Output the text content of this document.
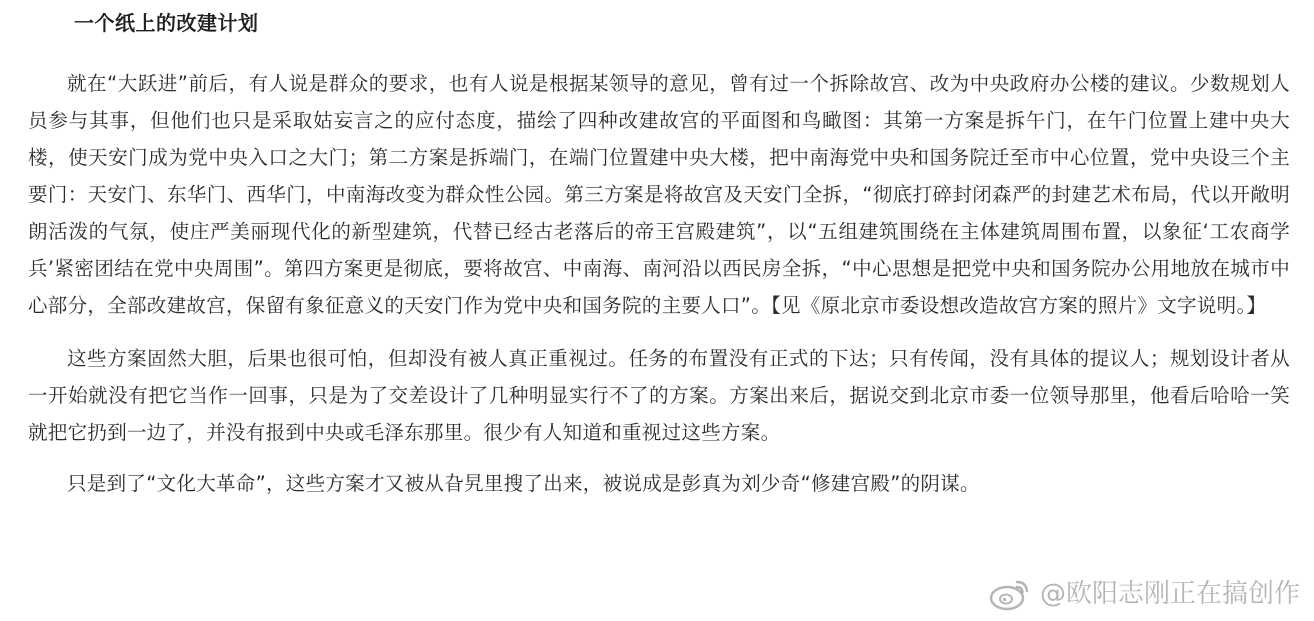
一个纸上的改建计划

就在“大跃进”前后，有人说是群众的要求，也有人说是根据某领导的意见，曾有过一个拆除故宫、改为中央政府办公楼的建议。少数规划人员参与其事，但他们也只是采取姑妄言之的应付态度，描绘了四种改建故宫的平面图和鸟瞰图：其第一方案是拆午门，在午门位置上建中央大楼，使天安门成为党中央入口之大门；第二方案是拆端门，在端门位置建中央大楼，把中南海党中央和国务院迁至市中心位置，党中央设三个主要门：天安门、东华门、西华门，中南海改变为群众性公园。第三方案是将故宫及天安门全拆，“彻底打碎封闭森严的封建艺术布局，代以开敞明朗活泼的气氛，使庄严美丽现代化的新型建筑，代替已经古老落后的帝王宫殿建筑”，以“五组建筑围绕在主体建筑周围布置，以象征‘工农商学兵’紧密团结在党中央周围”。第四方案更是彻底，要将故宫、中南海、南河沿以西民房全拆，“中心思想是把党中央和国务院办公用地放在城市中心部分，全部改建故宫，保留有象征意义的天安门作为党中央和国务院的主要人口”。【见《原北京市委设想改造故宫方案的照片》文字说明。】

这些方案固然大胆，后果也很可怕，但却没有被人真正重视过。任务的布置没有正式的下达；只有传闻，没有具体的提议人；规划设计者从一开始就没有把它当作一回事，只是为了交差设计了几种明显实行不了的方案。方案出来后，据说交到北京市委一位领导那里，他看后哈哈一笑就把它扔到一边了，并没有报到中央或毛泽东那里。很少有人知道和重视过这些方案。

只是到了“文化大革命”，这些方案才又被从旮旯里搜了出来，被说成是彭真为刘少奇“修建宫殿”的阴谋。

@欧阳志刚正在搞创作
